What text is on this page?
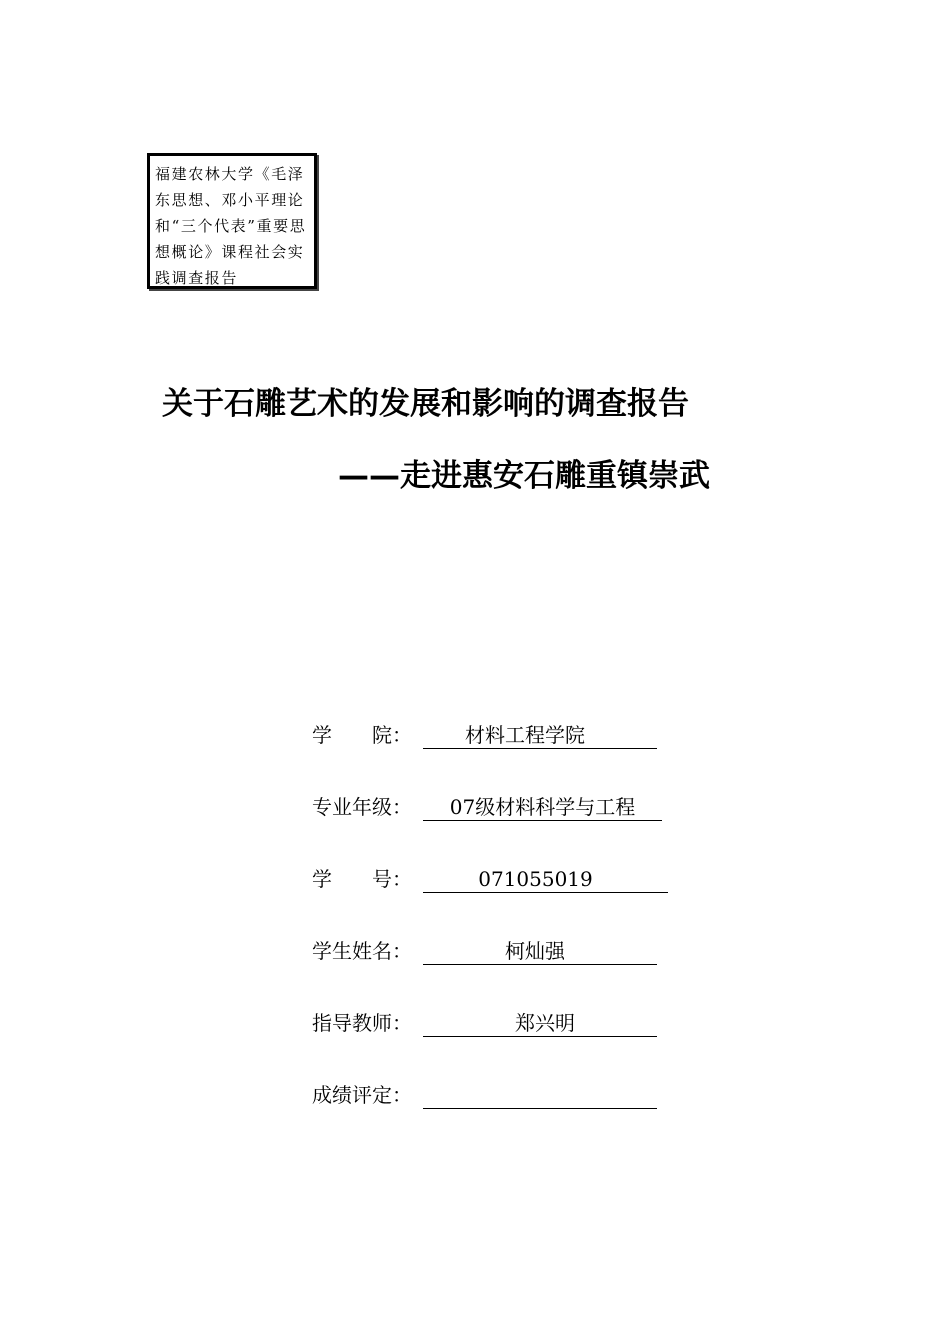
福建农林大学《毛泽东思想、邓小平理论和“三个代表”重要思想概论》课程社会实践调查报告
关于石雕艺术的发展和影响的调查报告
——走进惠安石雕重镇崇武
学　　院：	材料工程学院
专业年级：	07级材料科学与工程
学　　号：	071055019
学生姓名：	柯灿强
指导教师：	郑兴明
成绩评定：
